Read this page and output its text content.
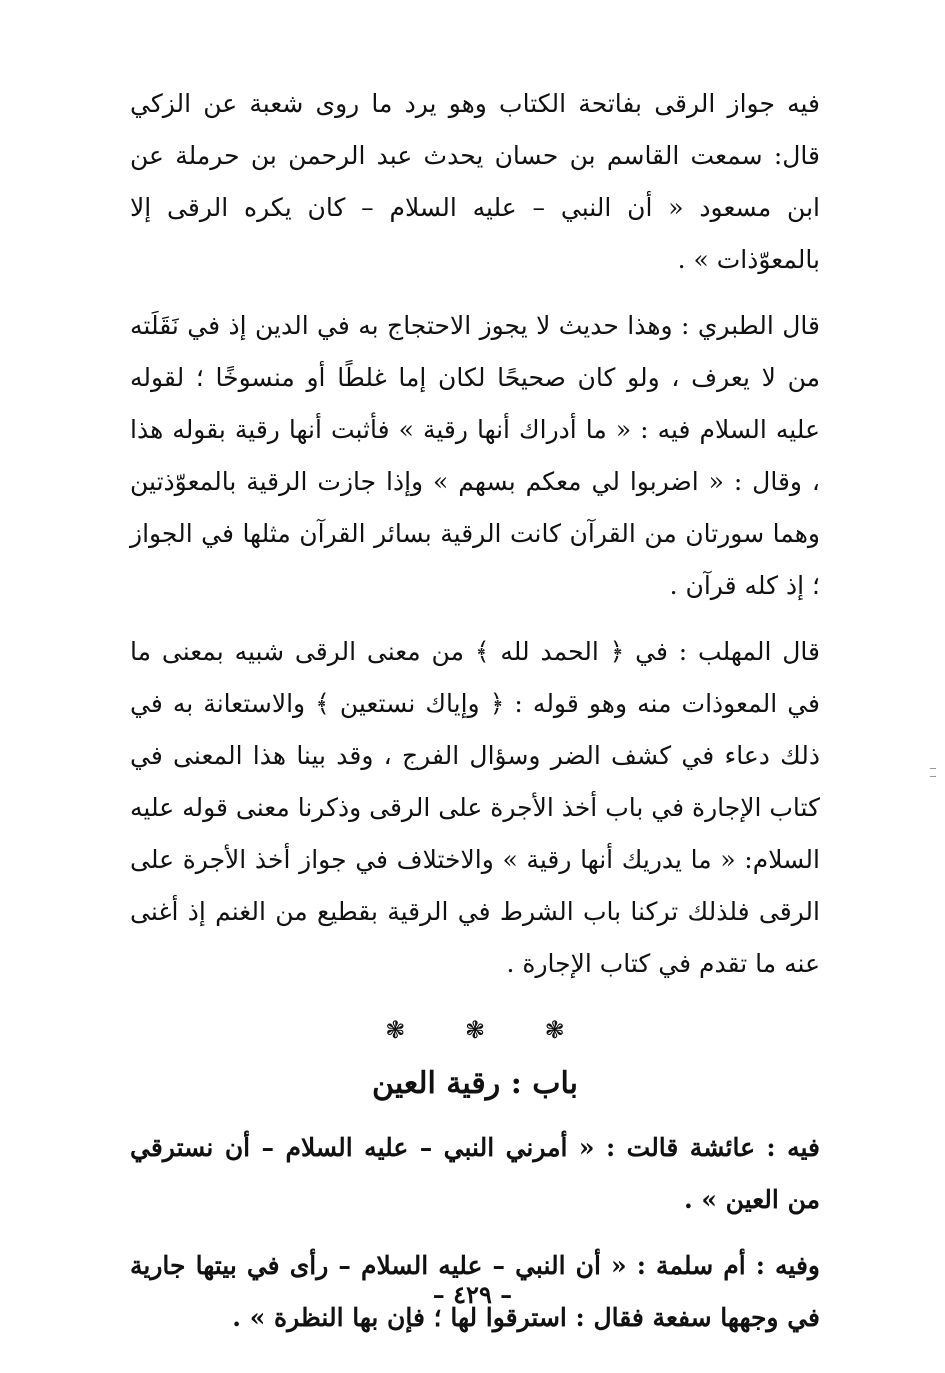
فيه جواز الرقى بفاتحة الكتاب وهو يرد ما روى شعبة عن الزكي قال: سمعت القاسم بن حسان يحدث عبد الرحمن بن حرملة عن ابن مسعود « أن النبي – عليه السلام – كان يكره الرقى إلا بالمعوّذات » .

قال الطبري : وهذا حديث لا يجوز الاحتجاج به في الدين إذ في نَقَلَته من لا يعرف ، ولو كان صحيحًا لكان إما غلطًا أو منسوخًا ؛ لقوله عليه السلام فيه : « ما أدراك أنها رقية » فأثبت أنها رقية بقوله هذا ، وقال : « اضربوا لي معكم بسهم » وإذا جازت الرقية بالمعوّذتين وهما سورتان من القرآن كانت الرقية بسائر القرآن مثلها في الجواز ؛ إذ كله قرآن .

قال المهلب : في ﴿ الحمد لله ﴾ من معنى الرقى شبيه بمعنى ما في المعوذات منه وهو قوله : ﴿ وإياك نستعين ﴾ والاستعانة به في ذلك دعاء في كشف الضر وسؤال الفرج ، وقد بينا هذا المعنى في كتاب الإجارة في باب أخذ الأجرة على الرقى وذكرنا معنى قوله عليه السلام: « ما يدريك أنها رقية » والاختلاف في جواز أخذ الأجرة على الرقى فلذلك تركنا باب الشرط في الرقية بقطيع من الغنم إذ أغنى عنه ما تقدم في كتاب الإجارة .

❃ ❃ ❃
باب : رقية العين

فيه : عائشة قالت : « أمرني النبي – عليه السلام – أن نسترقي من العين » .

وفيه : أم سلمة : « أن النبي – عليه السلام – رأى في بيتها جارية في وجهها سفعة فقال : استرقوا لها ؛ فإن بها النظرة » .

– ٤٢٩ –
